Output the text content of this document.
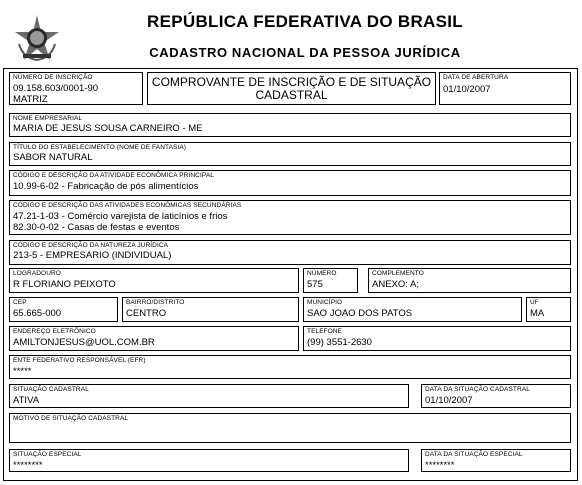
REPÚBLICA FEDERATIVA DO BRASIL
CADASTRO NACIONAL DA PESSOA JURÍDICA
NÚMERO DE INSCRIÇÃO
09.158.603/0001-90
MATRIZ
COMPROVANTE DE INSCRIÇÃO E DE SITUAÇÃO
CADASTRAL
DATA DE ABERTURA
01/10/2007
NOME EMPRESARIAL
MARIA DE JESUS SOUSA CARNEIRO - ME
TÍTULO DO ESTABELECIMENTO (NOME DE FANTASIA)
SABOR NATURAL
CÓDIGO E DESCRIÇÃO DA ATIVIDADE ECONÔMICA PRINCIPAL
10.99-6-02 - Fabricação de pós alimentícios
CÓDIGO E DESCRIÇÃO DAS ATIVIDADES ECONÔMICAS SECUNDÁRIAS
47.21-1-03 - Comércio varejista de laticínios e frios
82.30-0-02 - Casas de festas e eventos
CÓDIGO E DESCRIÇÃO DA NATUREZA JURÍDICA
213-5 - EMPRESARIO (INDIVIDUAL)
LOGRADOURO
R FLORIANO PEIXOTO
NÚMERO
575
COMPLEMENTO
ANEXO: A;
CEP
65.665-000
BAIRRO/DISTRITO
CENTRO
MUNICÍPIO
SAO JOAO DOS PATOS
UF
MA
ENDEREÇO ELETRÔNICO
AMILTONJESUS@UOL.COM.BR
TELEFONE
(99) 3551-2630
ENTE FEDERATIVO RESPONSÁVEL (EFR)
*****
SITUAÇÃO CADASTRAL
ATIVA
DATA DA SITUAÇÃO CADASTRAL
01/10/2007
MOTIVO DE SITUAÇÃO CADASTRAL
SITUAÇÃO ESPECIAL
********
DATA DA SITUAÇÃO ESPECIAL
********
